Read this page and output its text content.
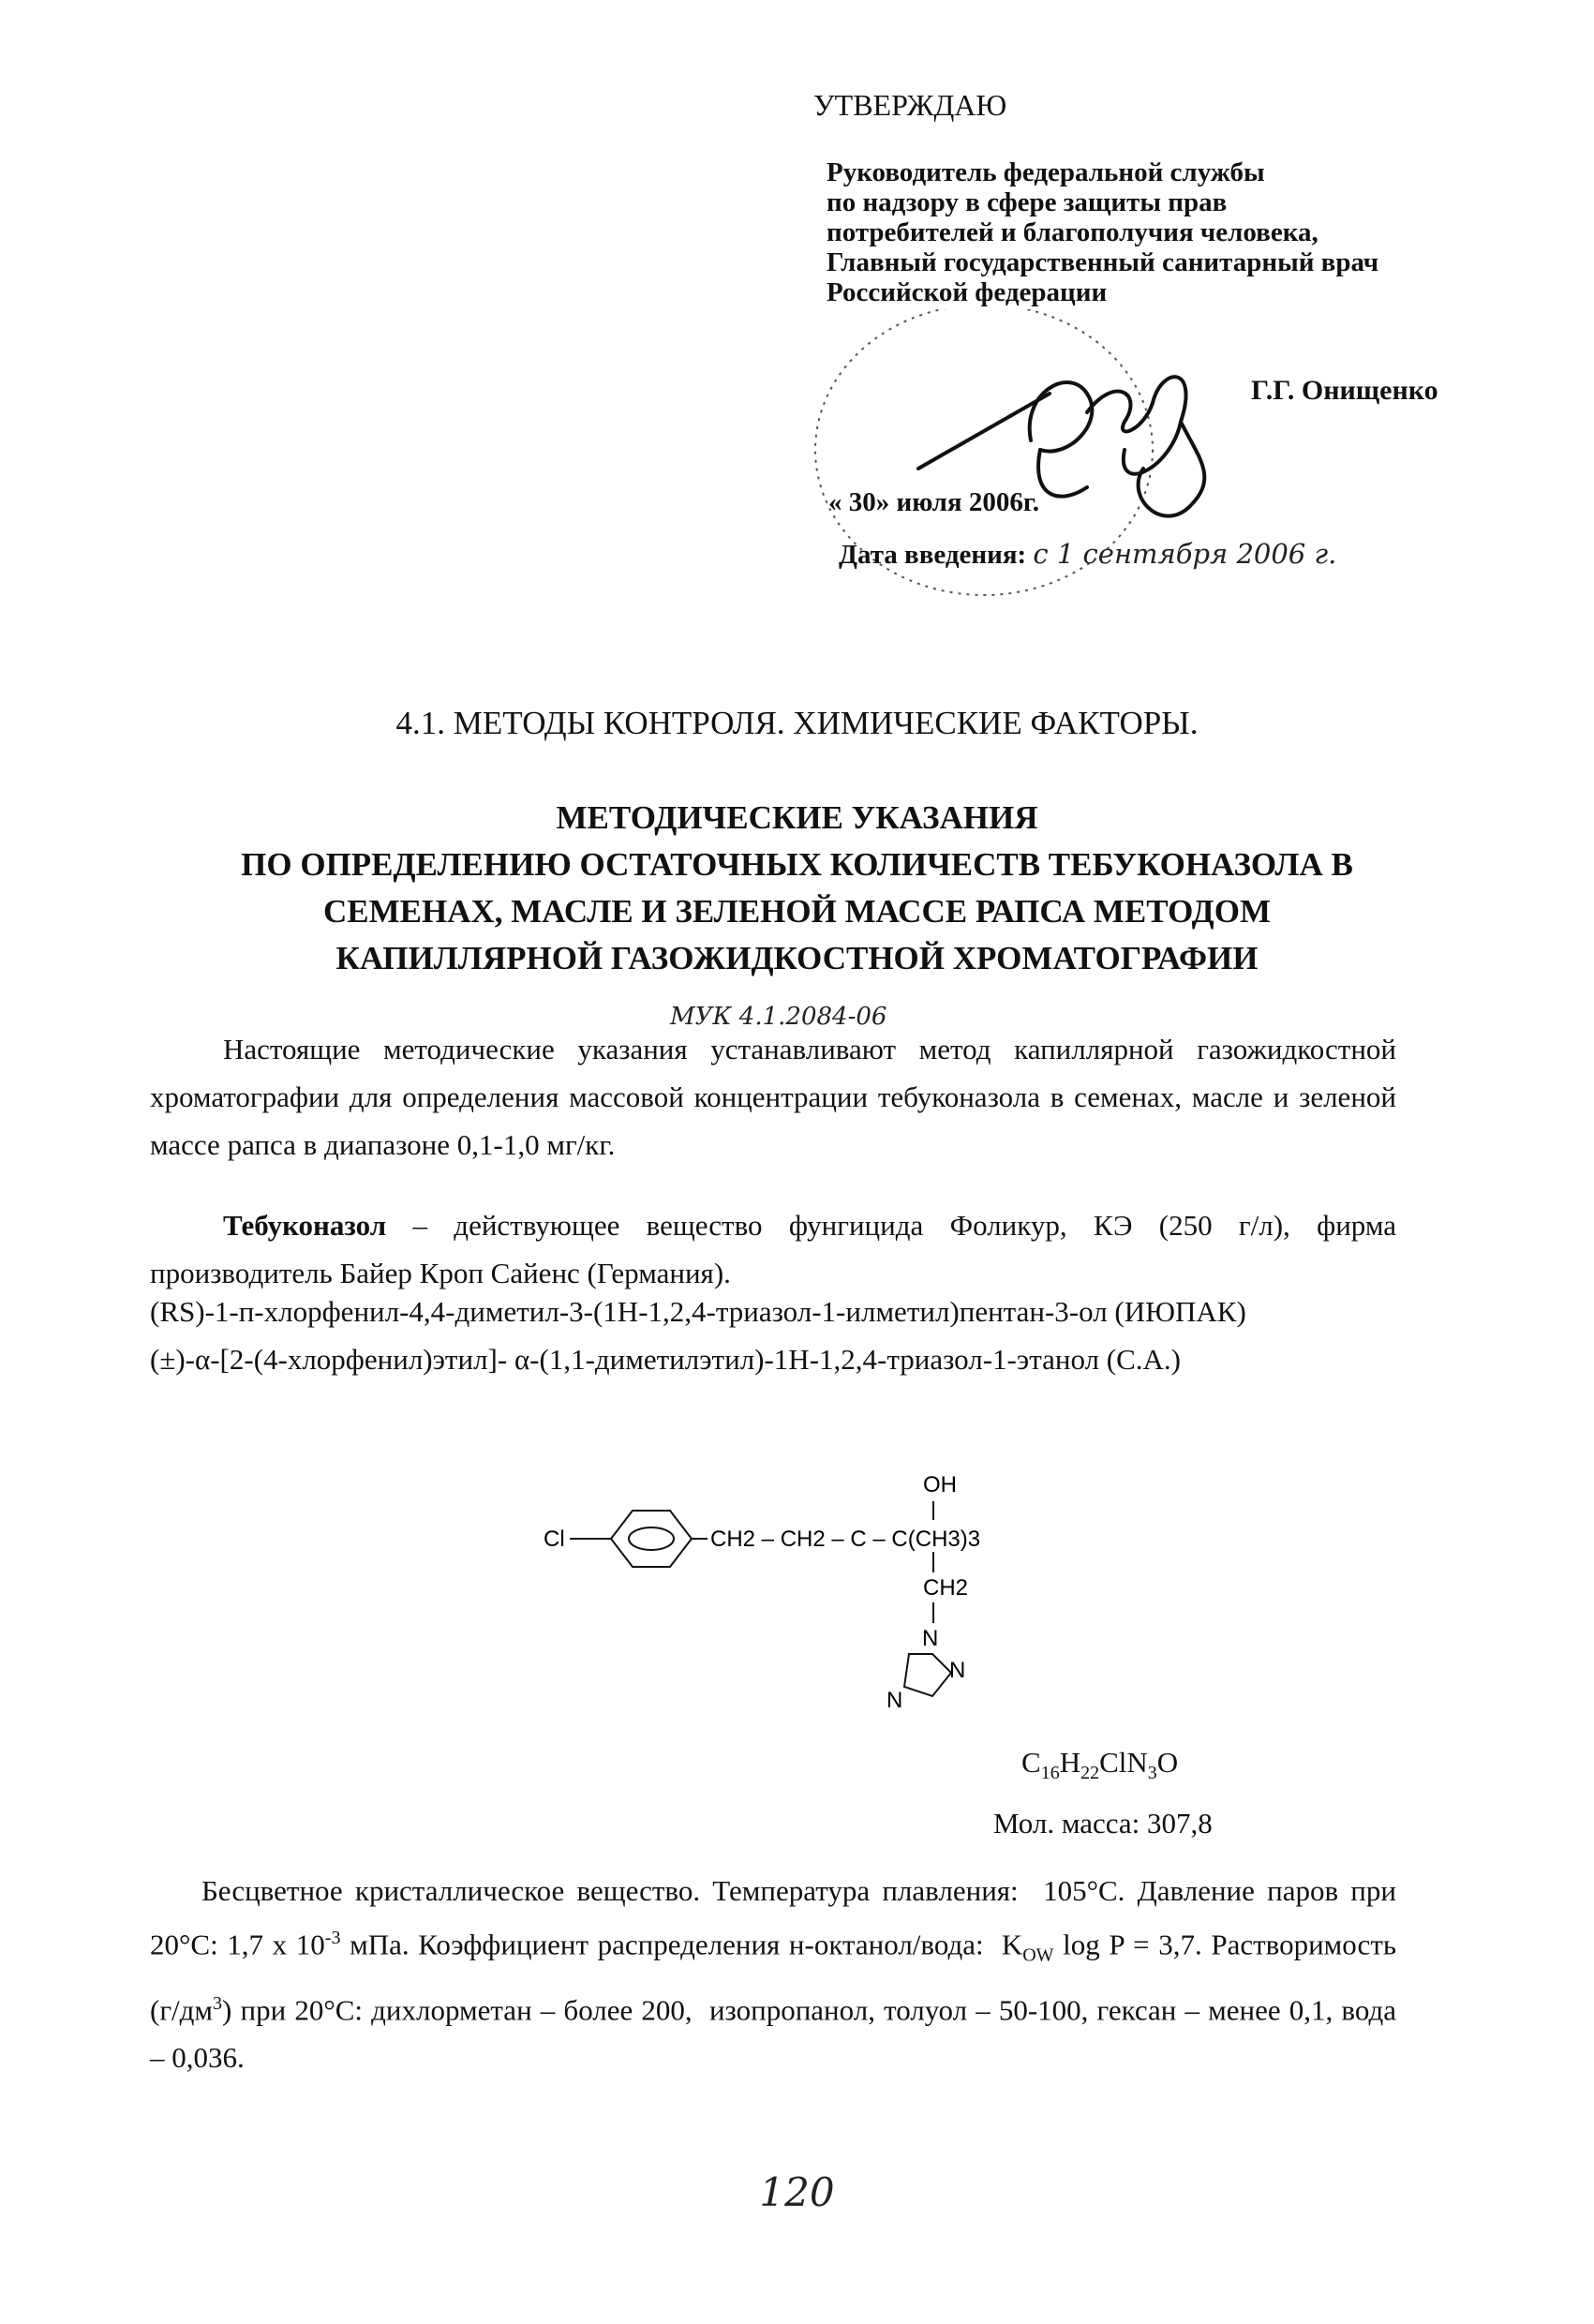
УТВЕРЖДАЮ
Руководитель федеральной службы
по надзору в сфере защиты прав
потребителей и благополучия человека,
Главный государственный санитарный врач
Российской федерации
Г.Г. Онищенко
« 30» июля 2006г.
Дата введения: с 1 сентября 2006 г.
4.1. МЕТОДЫ КОНТРОЛЯ. ХИМИЧЕСКИЕ ФАКТОРЫ.
МЕТОДИЧЕСКИЕ УКАЗАНИЯ
ПО ОПРЕДЕЛЕНИЮ ОСТАТОЧНЫХ КОЛИЧЕСТВ ТЕБУКОНАЗОЛА В
СЕМЕНАХ, МАСЛЕ И ЗЕЛЕНОЙ МАССЕ РАПСА МЕТОДОМ
КАПИЛЛЯРНОЙ ГАЗОЖИДКОСТНОЙ ХРОМАТОГРАФИИ
МУК 4.1.2084-06
Настоящие методические указания устанавливают метод капиллярной газожидкостной хроматографии для определения массовой концентрации тебуконазола в семенах, масле и зеленой массе рапса в диапазоне 0,1-1,0 мг/кг.
Тебуконазол – действующее вещество фунгицида Фоликур, КЭ (250 г/л), фирма производитель Байер Кроп Сайенс (Германия).
(RS)-1-п-хлорфенил-4,4-диметил-3-(1Н-1,2,4-триазол-1-илметил)пентан-3-ол (ИЮПАК)
(±)-α-[2-(4-хлорфенил)этил]- α-(1,1-диметилэтил)-1Н-1,2,4-триазол-1-этанол (С.А.)
OH
Cl	CH2 – CH2 – C – C(CH3)3
CH2
N
N
N
$C_{16}H_{22}ClN_3O$
Мол. масса: 307,8
Бесцветное кристаллическое вещество. Температура плавления:  105°С. Давление паров при 20°С: 1,7 х $10^{-3}$ мПа. Коэффициент распределения н-октанол/вода:  $K_{OW}$ log P = 3,7. Растворимость $(г/дм^3)$ при 20°С: дихлорметан – более 200,  изопропанол, толуол – 50-100, гексан – менее 0,1, вода – 0,036.
120
